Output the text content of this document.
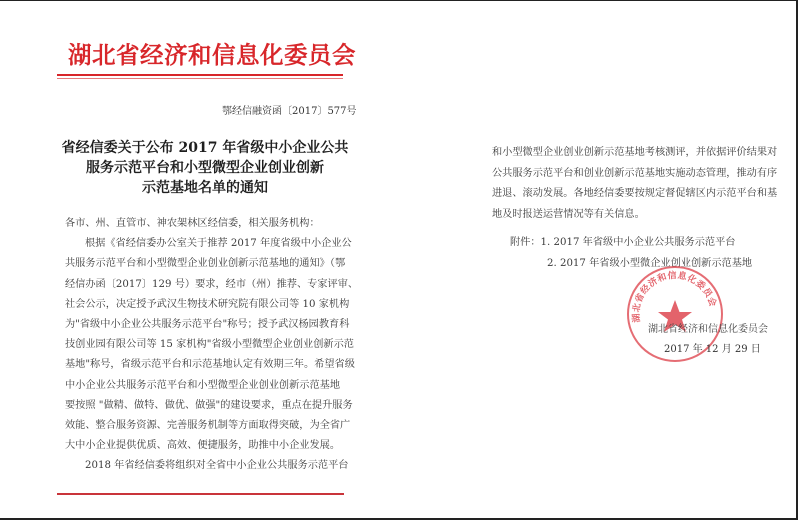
湖北省经济和信息化委员会
鄂经信融资函〔2017〕577号
省经信委关于公布 2017 年省级中小企业公共
服务示范平台和小型微型企业创业创新
示范基地名单的通知

各市、州、直管市、神农架林区经信委，相关服务机构：

根据《省经信委办公室关于推荐 2017 年度省级中小企业公

共服务示范平台和小型微型企业创业创新示范基地的通知》（鄂

经信办函〔2017〕129 号）要求，经市（州）推荐、专家评审、

社会公示，决定授予武汉生物技术研究院有限公司等 10 家机构

为"省级中小企业公共服务示范平台"称号；授予武汉杨园教育科

技创业园有限公司等 15 家机构"省级小型微型企业创业创新示范

基地"称号，省级示范平台和示范基地认定有效期三年。希望省级

中小企业公共服务示范平台和小型微型企业创业创新示范基地

要按照 "做精、做特、做优、做强"的建设要求，重点在提升服务

效能、整合服务资源、完善服务机制等方面取得突破，为全省广

大中小企业提供优质、高效、便捷服务，助推中小企业发展。

2018 年省经信委将组织对全省中小企业公共服务示范平台

和小型微型企业创业创新示范基地考核测评，并依据评价结果对

公共服务示范平台和创业创新示范基地实施动态管理，推动有序

进退、滚动发展。各地经信委要按规定督促辖区内示范平台和基

地及时报送运营情况等有关信息。

附件：1. 2017 年省级中小企业公共服务示范平台
2. 2017 年省级小型微企业创业创新示范基地
湖北省经济和信息化委员会
湖北省经济和信息化委员会
2017 年 12 月 29 日
